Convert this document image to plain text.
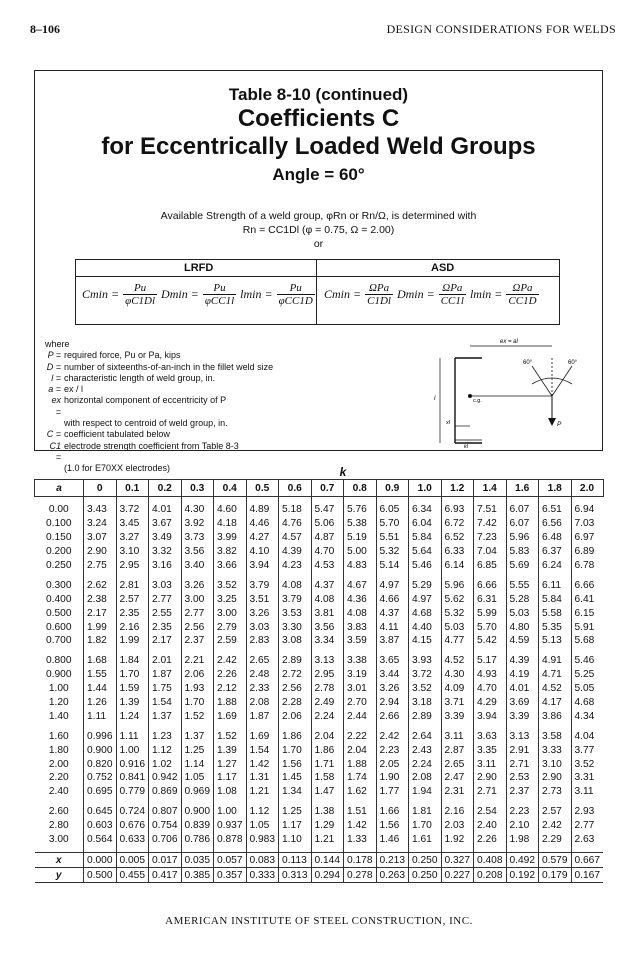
8–106	DESIGN CONSIDERATIONS FOR WELDS
Table 8-10 (continued)
Coefficients C
for Eccentrically Loaded Weld Groups
Angle = 60°
Available Strength of a weld group, φRn or Rn/Ω, is determined with
Rn = CC1Dl (φ = 0.75, Ω = 2.00)
or
LRFD	ASD
$Cmin = \frac{Pu}{\varphi C1Dl}$ $Dmin = \frac{Pu}{\text{φCC1l}}$ $lmin = \frac{Pu}{\text{φCC1D}}$ $Cmin = \frac{\text{ΩPa}}{C1Dl}$ $Dmin = \frac{\text{ΩPa}}{CC1l}$ $lmin = \frac{\text{ΩPa}}{CC1D}$
where
P = required force, Pu or Pa, kips
D = number of sixteenths-of-an-inch in the fillet weld size
l = characteristic length of weld group, in.
a = ex / l
ex =
horizontal component of eccentricity of P
with respect to centroid of weld group, in.
C = coefficient tabulated below
C1 =
electrode strength coefficient from Table 8-3
(1.0 for E70XX electrodes)
ex = al
60°	60°
c.g.
P
l
xl
kl
k
a	0	0.1	0.2	0.3	0.4	0.5	0.6	0.7	0.8	0.9	1.0	1.2	1.4	1.6	1.8	2.0

0.00	3.43	3.72	4.01	4.30	4.60	4.89	5.18	5.47	5.76	6.05	6.34	6.93	7.51	6.07	6.51	6.94
0.100	3.24	3.45	3.67	3.92	4.18	4.46	4.76	5.06	5.38	5.70	6.04	6.72	7.42	6.07	6.56	7.03
0.150	3.07	3.27	3.49	3.73	3.99	4.27	4.57	4.87	5.19	5.51	5.84	6.52	7.23	5.96	6.48	6.97
0.200	2.90	3.10	3.32	3.56	3.82	4.10	4.39	4.70	5.00	5.32	5.64	6.33	7.04	5.83	6.37	6.89
0.250	2.75	2.95	3.16	3.40	3.66	3.94	4.23	4.53	4.83	5.14	5.46	6.14	6.85	5.69	6.24	6.78

0.300	2.62	2.81	3.03	3.26	3.52	3.79	4.08	4.37	4.67	4.97	5.29	5.96	6.66	5.55	6.11	6.66
0.400	2.38	2.57	2.77	3.00	3.25	3.51	3.79	4.08	4.36	4.66	4.97	5.62	6.31	5.28	5.84	6.41
0.500	2.17	2.35	2.55	2.77	3.00	3.26	3.53	3.81	4.08	4.37	4.68	5.32	5.99	5.03	5.58	6.15
0.600	1.99	2.16	2.35	2.56	2.79	3.03	3.30	3.56	3.83	4.11	4.40	5.03	5.70	4.80	5.35	5.91
0.700	1.82	1.99	2.17	2.37	2.59	2.83	3.08	3.34	3.59	3.87	4.15	4.77	5.42	4.59	5.13	5.68

0.800	1.68	1.84	2.01	2.21	2.42	2.65	2.89	3.13	3.38	3.65	3.93	4.52	5.17	4.39	4.91	5.46
0.900	1.55	1.70	1.87	2.06	2.26	2.48	2.72	2.95	3.19	3.44	3.72	4.30	4.93	4.19	4.71	5.25
1.00	1.44	1.59	1.75	1.93	2.12	2.33	2.56	2.78	3.01	3.26	3.52	4.09	4.70	4.01	4.52	5.05
1.20	1.26	1.39	1.54	1.70	1.88	2.08	2.28	2.49	2.70	2.94	3.18	3.71	4.29	3.69	4.17	4.68
1.40	1.11	1.24	1.37	1.52	1.69	1.87	2.06	2.24	2.44	2.66	2.89	3.39	3.94	3.39	3.86	4.34

1.60	0.996	1.11	1.23	1.37	1.52	1.69	1.86	2.04	2.22	2.42	2.64	3.11	3.63	3.13	3.58	4.04
1.80	0.900	1.00	1.12	1.25	1.39	1.54	1.70	1.86	2.04	2.23	2.43	2.87	3.35	2.91	3.33	3.77
2.00	0.820	0.916	1.02	1.14	1.27	1.42	1.56	1.71	1.88	2.05	2.24	2.65	3.11	2.71	3.10	3.52
2.20	0.752	0.841	0.942	1.05	1.17	1.31	1.45	1.58	1.74	1.90	2.08	2.47	2.90	2.53	2.90	3.31
2.40	0.695	0.779	0.869	0.969	1.08	1.21	1.34	1.47	1.62	1.77	1.94	2.31	2.71	2.37	2.73	3.11

2.60	0.645	0.724	0.807	0.900	1.00	1.12	1.25	1.38	1.51	1.66	1.81	2.16	2.54	2.23	2.57	2.93
2.80	0.603	0.676	0.754	0.839	0.937	1.05	1.17	1.29	1.42	1.56	1.70	2.03	2.40	2.10	2.42	2.77
3.00	0.564	0.633	0.706	0.786	0.878	0.983	1.10	1.21	1.33	1.46	1.61	1.92	2.26	1.98	2.29	2.63

x	0.000	0.005	0.017	0.035	0.057	0.083	0.113	0.144	0.178	0.213	0.250	0.327	0.408	0.492	0.579	0.667
y	0.500	0.455	0.417	0.385	0.357	0.333	0.313	0.294	0.278	0.263	0.250	0.227	0.208	0.192	0.179	0.167
AMERICAN INSTITUTE OF STEEL CONSTRUCTION, INC.
